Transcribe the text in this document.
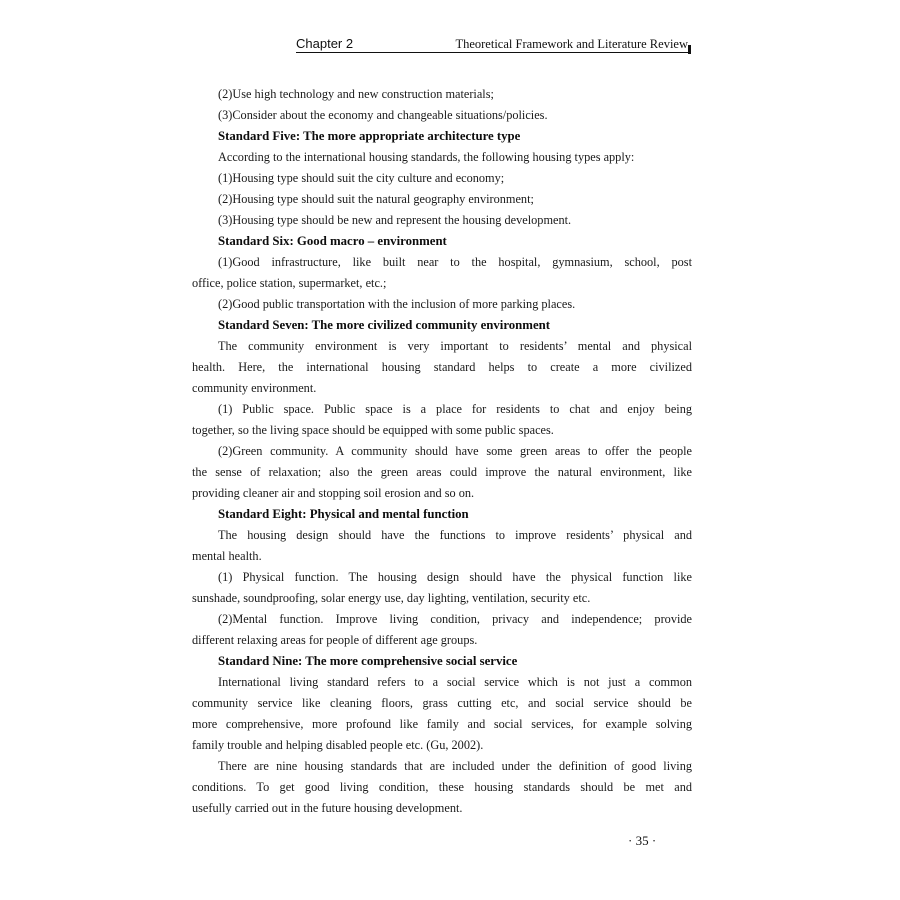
Chapter 2	Theoretical Framework and Literature Review
(2)Use high technology and new construction materials;
(3)Consider about the economy and changeable situations/policies.
Standard Five: The more appropriate architecture type
According to the international housing standards, the following housing types apply:
(1)Housing type should suit the city culture and economy;
(2)Housing type should suit the natural geography environment;
(3)Housing type should be new and represent the housing development.
Standard Six: Good macro – environment
(1)Good infrastructure, like built near to the hospital, gymnasium, school, post
office, police station, supermarket, etc.;
(2)Good public transportation with the inclusion of more parking places.
Standard Seven: The more civilized community environment
The community environment is very important to residents’ mental and physical
health. Here, the international housing standard helps to create a more civilized
community environment.
(1) Public space. Public space is a place for residents to chat and enjoy being
together, so the living space should be equipped with some public spaces.
(2)Green community. A community should have some green areas to offer the people
the sense of relaxation; also the green areas could improve the natural environment, like
providing cleaner air and stopping soil erosion and so on.
Standard Eight: Physical and mental function
The housing design should have the functions to improve residents’ physical and
mental health.
(1) Physical function. The housing design should have the physical function like
sunshade, soundproofing, solar energy use, day lighting, ventilation, security etc.
(2)Mental function. Improve living condition, privacy and independence; provide
different relaxing areas for people of different age groups.
Standard Nine: The more comprehensive social service
International living standard refers to a social service which is not just a common
community service like cleaning floors, grass cutting etc, and social service should be
more comprehensive, more profound like family and social services, for example solving
family trouble and helping disabled people etc. (Gu, 2002).
There are nine housing standards that are included under the definition of good living
conditions. To get good living condition, these housing standards should be met and
usefully carried out in the future housing development.
· 35 ·
